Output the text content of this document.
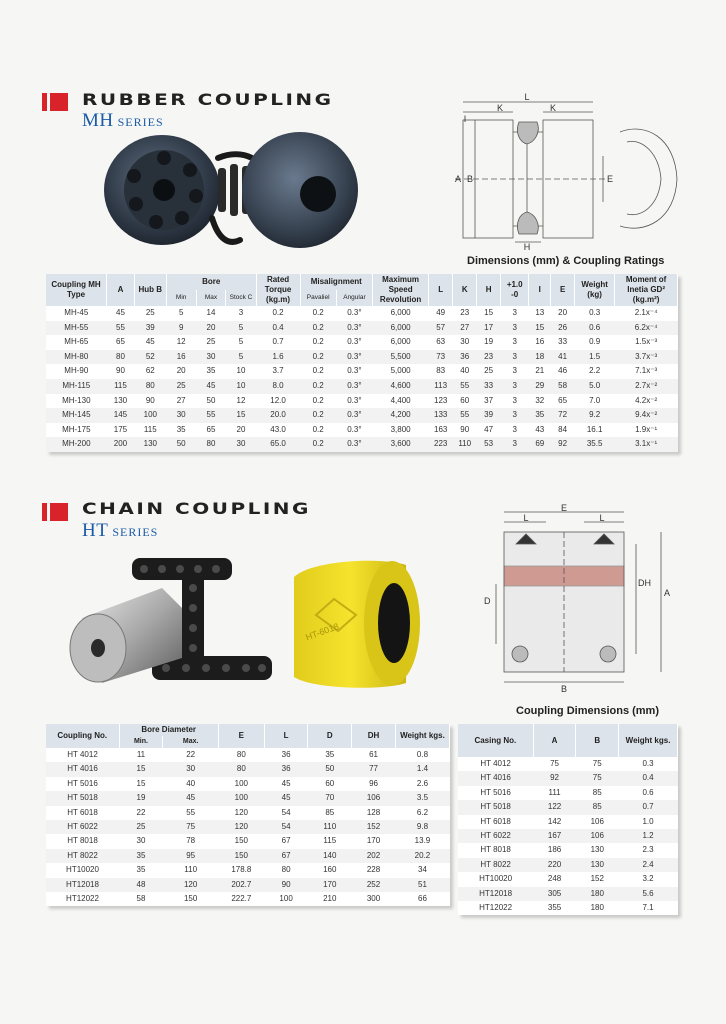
RUBBER COUPLING
MH SERIES
L
K	K
I
A B	E
H
Dimensions (mm) & Coupling Ratings
Coupling MH Type	A	Hub B	Bore			Rated Torque (kg.m)	Misalignment		Maximum Speed Revolution	L	K	H	+1.0 -0	I	E	Weight (kg)	Moment of Inetia GD² (kg.m²)
			Min	Max	Stock C		Pavaliel	Angular									
MH-45	45	25	5	14	3	0.2	0.2	0.3°	6,000	49	23	15	3	13	20	0.3	2.1x⁻⁴
MH-55	55	39	9	20	5	0.4	0.2	0.3°	6,000	57	27	17	3	15	26	0.6	6.2x⁻⁴
MH-65	65	45	12	25	5	0.7	0.2	0.3°	6,000	63	30	19	3	16	33	0.9	1.5x⁻³
MH-80	80	52	16	30	5	1.6	0.2	0.3°	5,500	73	36	23	3	18	41	1.5	3.7x⁻³
MH-90	90	62	20	35	10	3.7	0.2	0.3°	5,000	83	40	25	3	21	46	2.2	7.1x⁻³
MH-115	115	80	25	45	10	8.0	0.2	0.3°	4,600	113	55	33	3	29	58	5.0	2.7x⁻²
MH-130	130	90	27	50	12	12.0	0.2	0.3°	4,400	123	60	37	3	32	65	7.0	4.2x⁻²
MH-145	145	100	30	55	15	20.0	0.2	0.3°	4,200	133	55	39	3	35	72	9.2	9.4x⁻²
MH-175	175	115	35	65	20	43.0	0.2	0.3°	3,800	163	90	47	3	43	84	16.1	1.9x⁻¹
MH-200	200	130	50	80	30	65.0	0.2	0.3°	3,600	223	110	53	3	69	92	35.5	3.1x⁻¹
CHAIN COUPLING
HT SERIES
HT-6018
E
L	L
D
DH
A
B
Coupling Dimensions (mm)
Coupling No.	Bore Diameter		E	L	D	DH	Weight kgs.
	Min.	Max.					
HT 4012	11	22	80	36	35	61	0.8
HT 4016	15	30	80	36	50	77	1.4
HT 5016	15	40	100	45	60	96	2.6
HT 5018	19	45	100	45	70	106	3.5
HT 6018	22	55	120	54	85	128	6.2
HT 6022	25	75	120	54	110	152	9.8
HT 8018	30	78	150	67	115	170	13.9
HT 8022	35	95	150	67	140	202	20.2
HT10020	35	110	178.8	80	160	228	34
HT12018	48	120	202.7	90	170	252	51
HT12022	58	150	222.7	100	210	300	66
Casing No.	A	B	Weight kgs.
HT 4012	75	75	0.3
HT 4016	92	75	0.4
HT 5016	111	85	0.6
HT 5018	122	85	0.7
HT 6018	142	106	1.0
HT 6022	167	106	1.2
HT 8018	186	130	2.3
HT 8022	220	130	2.4
HT10020	248	152	3.2
HT12018	305	180	5.6
HT12022	355	180	7.1
